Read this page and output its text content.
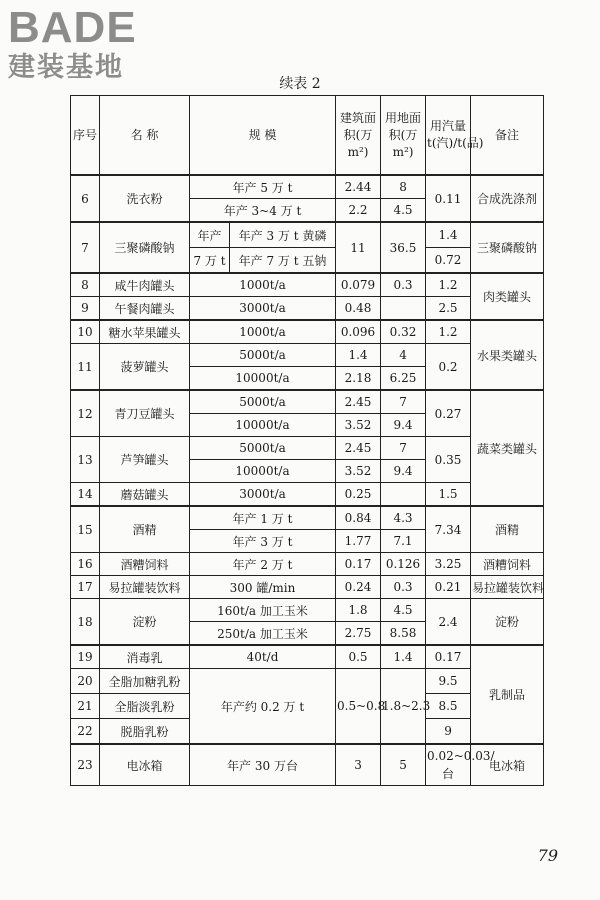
BADE
建装基地
续表 2
序号	名 称	规 模		建筑面积(万 m²)	用地面积(万 m²)	用汽量t(汽)/t(品)	备注
6	洗衣粉	年产 5 万 t		2.44	8	0.11	合成洗涤剂
		年产 3~4 万 t		2.2	4.5		
7	三聚磷酸钠	年产	年产 3 万 t 黄磷	11	36.5	1.4	三聚磷酸钠
		7 万 t	年产 7 万 t 五钠			0.72	
8	咸牛肉罐头	1000t/a		0.079	0.3	1.2	肉类罐头
9	午餐肉罐头	3000t/a		0.48		2.5	
10	糖水苹果罐头	1000t/a		0.096	0.32	1.2	水果类罐头
11	菠萝罐头	5000t/a		1.4	4	0.2	
		10000t/a		2.18	6.25		
12	青刀豆罐头	5000t/a		2.45	7	0.27	蔬菜类罐头
		10000t/a		3.52	9.4		
13	芦笋罐头	5000t/a		2.45	7	0.35	
		10000t/a		3.52	9.4		
14	蘑菇罐头	3000t/a		0.25		1.5	
15	酒精	年产 1 万 t		0.84	4.3	7.34	酒精
		年产 3 万 t		1.77	7.1		
16	酒糟饲料	年产 2 万 t		0.17	0.126	3.25	酒糟饲料
17	易拉罐装饮料	300 罐/min		0.24	0.3	0.21	易拉罐装饮料
18	淀粉	160t/a 加工玉米		1.8	4.5	2.4	淀粉
		250t/a 加工玉米		2.75	8.58		
19	消毒乳	40t/d		0.5	1.4	0.17	乳制品
20	全脂加糖乳粉	年产约 0.2 万 t		0.5~0.8	1.8~2.3	9.5	
21	全脂淡乳粉					8.5	
22	脱脂乳粉					9	
23	电冰箱	年产 30 万台		3	5	0.02~0.03/台	电冰箱
79
